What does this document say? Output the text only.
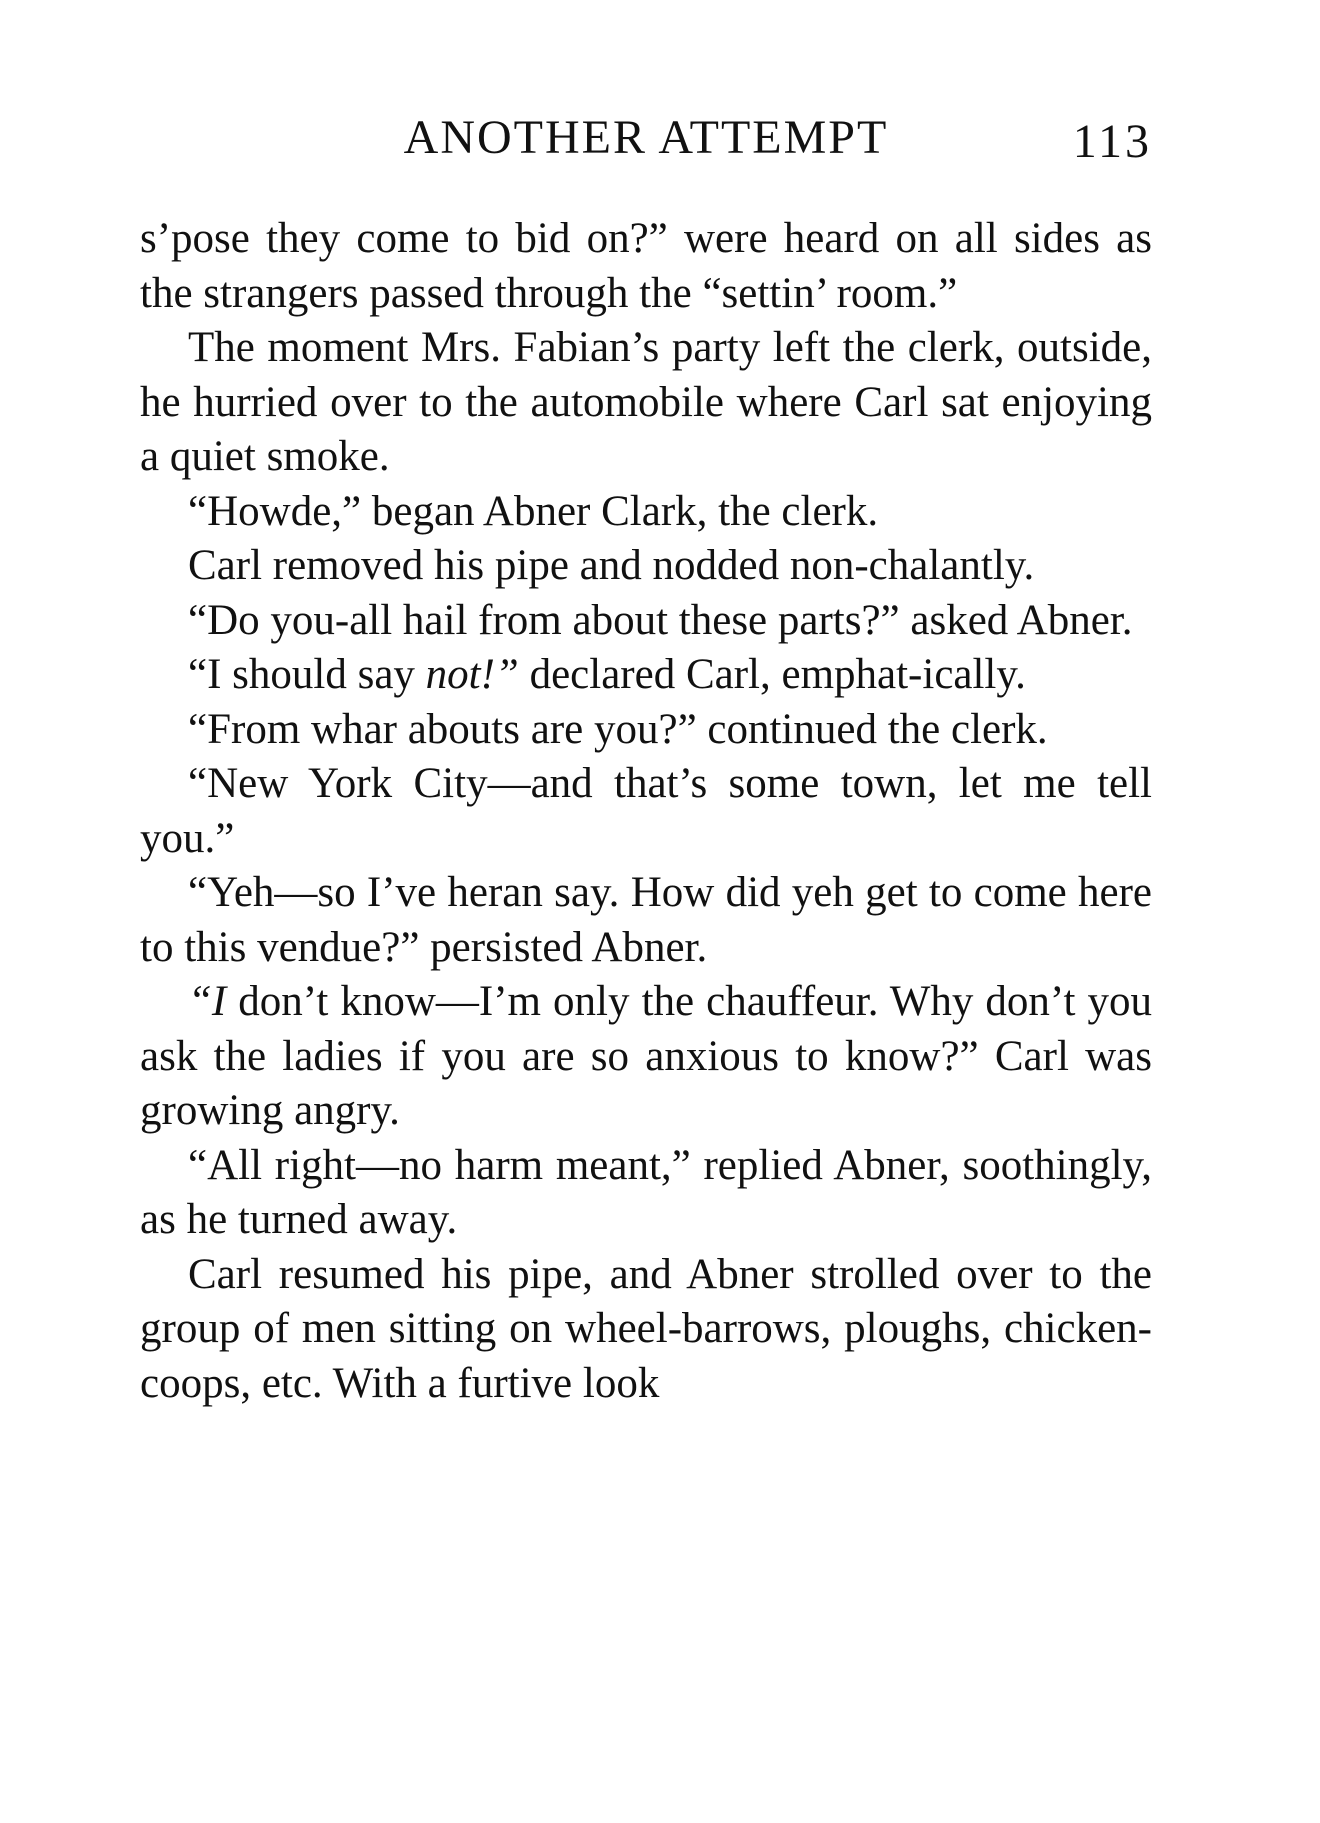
ANOTHER ATTEMPT	113

s’pose they come to bid on?” were heard on all sides as the strangers passed through the “settin’ room.”

The moment Mrs. Fabian’s party left the clerk, outside, he hurried over to the automobile where Carl sat enjoying a quiet smoke.

“Howde,” began Abner Clark, the clerk.

Carl removed his pipe and nodded non-chalantly.

“Do you-all hail from about these parts?” asked Abner.

“I should say not!” declared Carl, emphat-ically.

“From whar abouts are you?” continued the clerk.

“New York City—and that’s some town, let me tell you.”

“Yeh—so I’ve heran say. How did yeh get to come here to this vendue?” persisted Abner.

“I don’t know—I’m only the chauffeur. Why don’t you ask the ladies if you are so anxious to know?” Carl was growing angry.

“All right—no harm meant,” replied Abner, soothingly, as he turned away.

Carl resumed his pipe, and Abner strolled over to the group of men sitting on wheel-barrows, ploughs, chicken-coops, etc. With a furtive look
